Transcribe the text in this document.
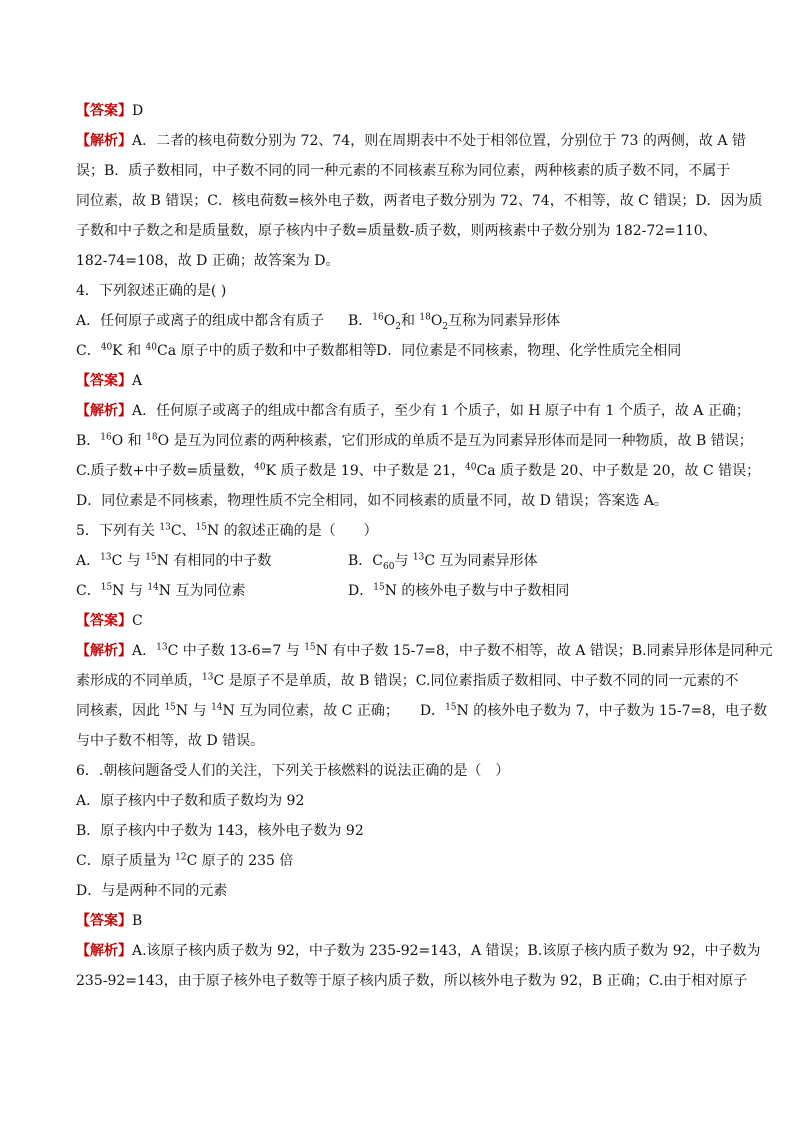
【答案】D
【解析】A．二者的核电荷数分别为 72、74，则在周期表中不处于相邻位置，分别位于 73 的两侧，故 A 错
误；B．质子数相同，中子数不同的同一种元素的不同核素互称为同位素，两种核素的质子数不同，不属于
同位素，故 B 错误；C．核电荷数=核外电子数，两者电子数分别为 72、74，不相等，故 C 错误；D．因为质
子数和中子数之和是质量数，原子核内中子数=质量数-质子数，则两核素中子数分别为 182-72=110、
182-74=108，故 D 正确；故答案为 D。
4．下列叙述正确的是( )
A．任何原子或离子的组成中都含有质子	B．$^{16}O_2$和 $^{18}O_2$互称为同素异形体
C．$^{40}$K 和 $^{40}$Ca 原子中的质子数和中子数都相等 D．同位素是不同核素，物理、化学性质完全相同
【答案】A
【解析】A．任何原子或离子的组成中都含有质子，至少有 1 个质子，如 H 原子中有 1 个质子，故 A 正确；
B．$^{16}$O 和 $^{18}$O 是互为同位素的两种核素，它们形成的单质不是互为同素异形体而是同一种物质，故 B 错误；
C.质子数+中子数=质量数，$^{40}$K 质子数是 19、中子数是 21，$^{40}$Ca 质子数是 20、中子数是 20，故 C 错误；
D．同位素是不同核素，物理性质不完全相同，如不同核素的质量不同，故 D 错误；答案选 A。
5．下列有关 $^{13}$C、$^{15}$N 的叙述正确的是（　　）
A．$^{13}$C 与 $^{15}$N 有相同的中子数	B．$C_{60}$与 $^{13}$C 互为同素异形体
C．$^{15}$N 与 $^{14}$N 互为同位素	D．$^{15}$N 的核外电子数与中子数相同
【答案】C
【解析】A．$^{13}$C 中子数 13-6=7 与 $^{15}$N 有中子数 15-7=8，中子数不相等，故 A 错误；B.同素异形体是同种元
素形成的不同单质，$^{13}$C 是原子不是单质，故 B 错误；C.同位素指质子数相同、中子数不同的同一元素的不
同核素，因此 $^{15}$N 与 $^{14}$N 互为同位素，故 C 正确；　　D．$^{15}$N 的核外电子数为 7，中子数为 15-7=8，电子数
与中子数不相等，故 D 错误。
6．.朝核问题备受人们的关注，下列关于核燃料的说法正确的是（　）
A．原子核内中子数和质子数均为 92
B．原子核内中子数为 143，核外电子数为 92
C．原子质量为 $^{12}$C 原子的 235 倍
D．与是两种不同的元素
【答案】B
【解析】A.该原子核内质子数为 92，中子数为 235-92=143，A 错误；B.该原子核内质子数为 92，中子数为
235-92=143，由于原子核外电子数等于原子核内质子数，所以核外电子数为 92，B 正确；C.由于相对原子
